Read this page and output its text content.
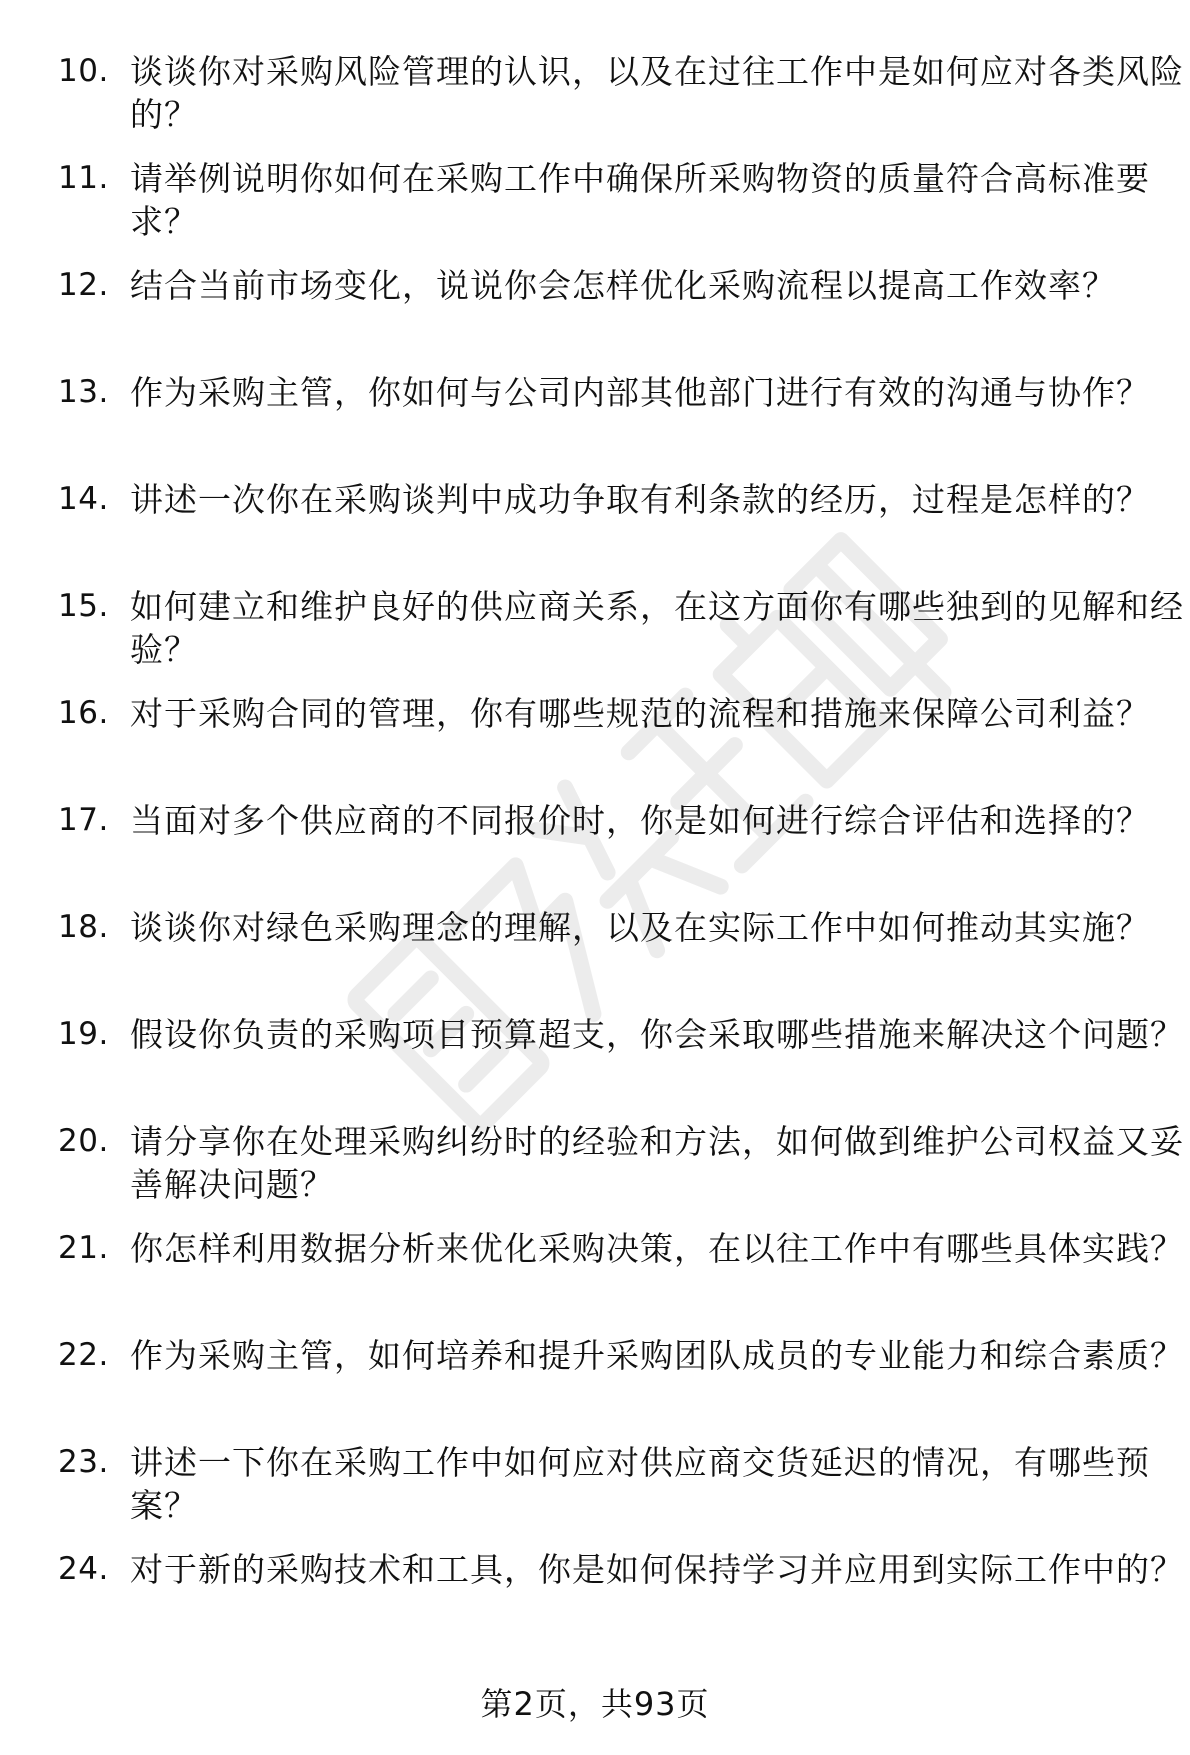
10. 谈谈你对采购风险管理的认识，以及在过往工作中是如何应对各类风险的？
11. 请举例说明你如何在采购工作中确保所采购物资的质量符合高标准要求？
12. 结合当前市场变化，说说你会怎样优化采购流程以提高工作效率？
13. 作为采购主管，你如何与公司内部其他部门进行有效的沟通与协作？
14. 讲述一次你在采购谈判中成功争取有利条款的经历，过程是怎样的？
15. 如何建立和维护良好的供应商关系，在这方面你有哪些独到的见解和经验？
16. 对于采购合同的管理，你有哪些规范的流程和措施来保障公司利益？
17. 当面对多个供应商的不同报价时，你是如何进行综合评估和选择的？
18. 谈谈你对绿色采购理念的理解，以及在实际工作中如何推动其实施？
19. 假设你负责的采购项目预算超支，你会采取哪些措施来解决这个问题？
20. 请分享你在处理采购纠纷时的经验和方法，如何做到维护公司权益又妥善解决问题？
21. 你怎样利用数据分析来优化采购决策，在以往工作中有哪些具体实践？
22. 作为采购主管，如何培养和提升采购团队成员的专业能力和综合素质？
23. 讲述一下你在采购工作中如何应对供应商交货延迟的情况，有哪些预案？
24. 对于新的采购技术和工具，你是如何保持学习并应用到实际工作中的？
第2页，共93页
